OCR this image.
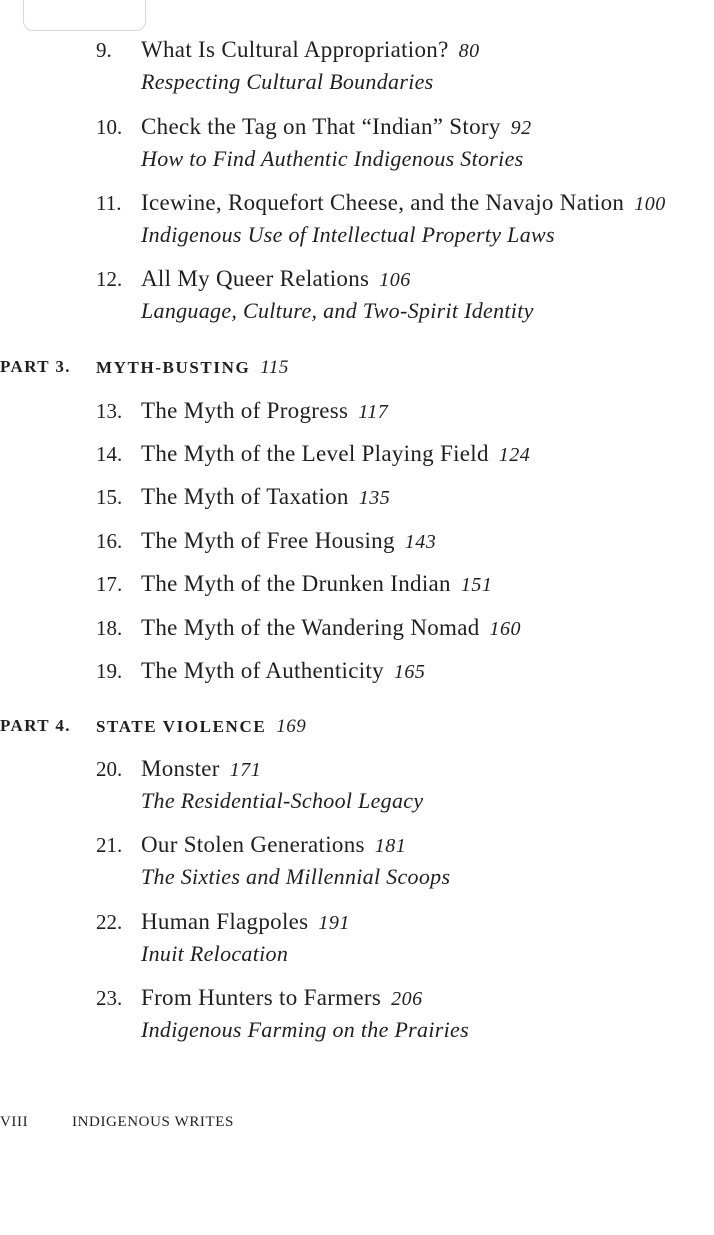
9. What Is Cultural Appropriation? 80
Respecting Cultural Boundaries
10. Check the Tag on That “Indian” Story 92
How to Find Authentic Indigenous Stories
11. Icewine, Roquefort Cheese, and the Navajo Nation 100
Indigenous Use of Intellectual Property Laws
12. All My Queer Relations 106
Language, Culture, and Two-Spirit Identity
PART 3. MYTH-BUSTING 115
13. The Myth of Progress 117
14. The Myth of the Level Playing Field 124
15. The Myth of Taxation 135
16. The Myth of Free Housing 143
17. The Myth of the Drunken Indian 151
18. The Myth of the Wandering Nomad 160
19. The Myth of Authenticity 165
PART 4. STATE VIOLENCE 169
20. Monster 171
The Residential-School Legacy
21. Our Stolen Generations 181
The Sixties and Millennial Scoops
22. Human Flagpoles 191
Inuit Relocation
23. From Hunters to Farmers 206
Indigenous Farming on the Prairies
VIII	INDIGENOUS WRITES
